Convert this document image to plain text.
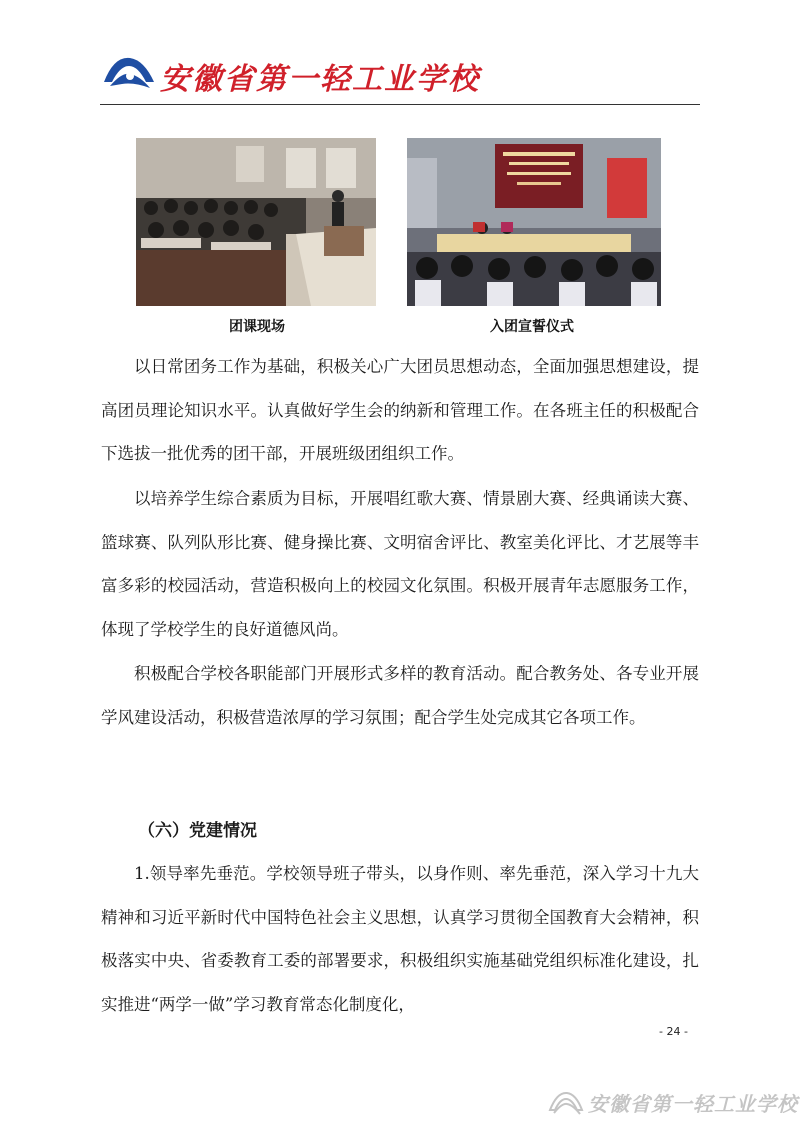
安徽省第一轻工业学校
团课现场	入团宣誓仪式

以日常团务工作为基础，积极关心广大团员思想动态，全面加强思想建设，提高团员理论知识水平。认真做好学生会的纳新和管理工作。在各班主任的积极配合下选拔一批优秀的团干部，开展班级团组织工作。

以培养学生综合素质为目标，开展唱红歌大赛、情景剧大赛、经典诵读大赛、篮球赛、队列队形比赛、健身操比赛、文明宿舍评比、教室美化评比、才艺展等丰富多彩的校园活动，营造积极向上的校园文化氛围。积极开展青年志愿服务工作，体现了学校学生的良好道德风尚。

积极配合学校各职能部门开展形式多样的教育活动。配合教务处、各专业开展学风建设活动，积极营造浓厚的学习氛围；配合学生处完成其它各项工作。

（六）党建情况

1.领导率先垂范。学校领导班子带头，以身作则、率先垂范，深入学习十九大精神和习近平新时代中国特色社会主义思想，认真学习贯彻全国教育大会精神，积极落实中央、省委教育工委的部署要求，积极组织实施基础党组织标准化建设，扎实推进“两学一做”学习教育常态化制度化，

- 24 -
安徽省第一轻工业学校
